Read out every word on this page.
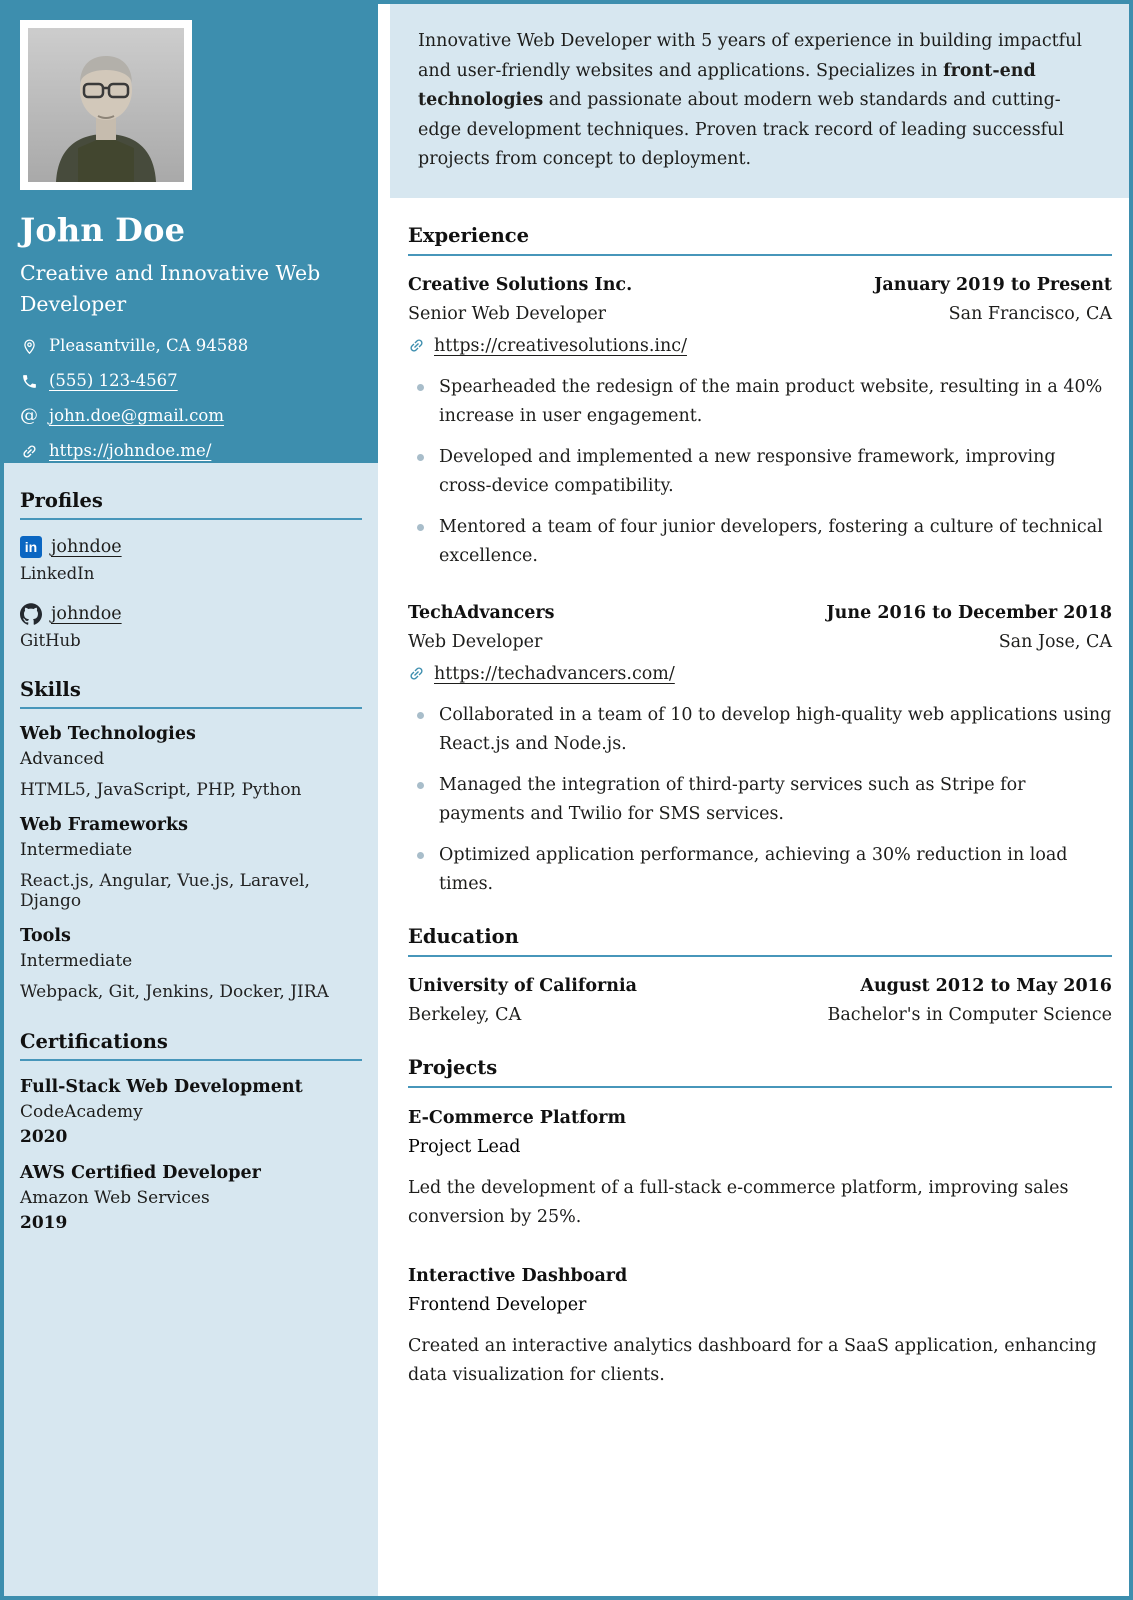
John Doe
Creative and Innovative Web Developer
Pleasantville, CA 94588
(555) 123-4567
@ john.doe@gmail.com
https://johndoe.me/
Profiles
in johndoe
LinkedIn
johndoe
GitHub
Skills
Web Technologies
Advanced
HTML5, JavaScript, PHP, Python
Web Frameworks
Intermediate
React.js, Angular, Vue.js, Laravel, Django
Tools
Intermediate
Webpack, Git, Jenkins, Docker, JIRA
Certifications
Full-Stack Web Development
CodeAcademy
2020
AWS Certified Developer
Amazon Web Services
2019
Innovative Web Developer with 5 years of experience in building impactful and user-friendly websites and applications. Specializes in front-end technologies and passionate about modern web standards and cutting-edge development techniques. Proven track record of leading successful projects from concept to deployment.
Experience
Creative Solutions Inc.	January 2019 to Present
Senior Web Developer	San Francisco, CA
https://creativesolutions.inc/
Spearheaded the redesign of the main product website, resulting in a 40% increase in user engagement.
Developed and implemented a new responsive framework, improving cross-device compatibility.
Mentored a team of four junior developers, fostering a culture of technical excellence.
TechAdvancers	June 2016 to December 2018
Web Developer	San Jose, CA
https://techadvancers.com/
Collaborated in a team of 10 to develop high-quality web applications using React.js and Node.js.
Managed the integration of third-party services such as Stripe for payments and Twilio for SMS services.
Optimized application performance, achieving a 30% reduction in load times.
Education
University of California	August 2012 to May 2016
Berkeley, CA	Bachelor's in Computer Science
Projects
E-Commerce Platform
Project Lead
Led the development of a full-stack e-commerce platform, improving sales conversion by 25%.
Interactive Dashboard
Frontend Developer
Created an interactive analytics dashboard for a SaaS application, enhancing data visualization for clients.
